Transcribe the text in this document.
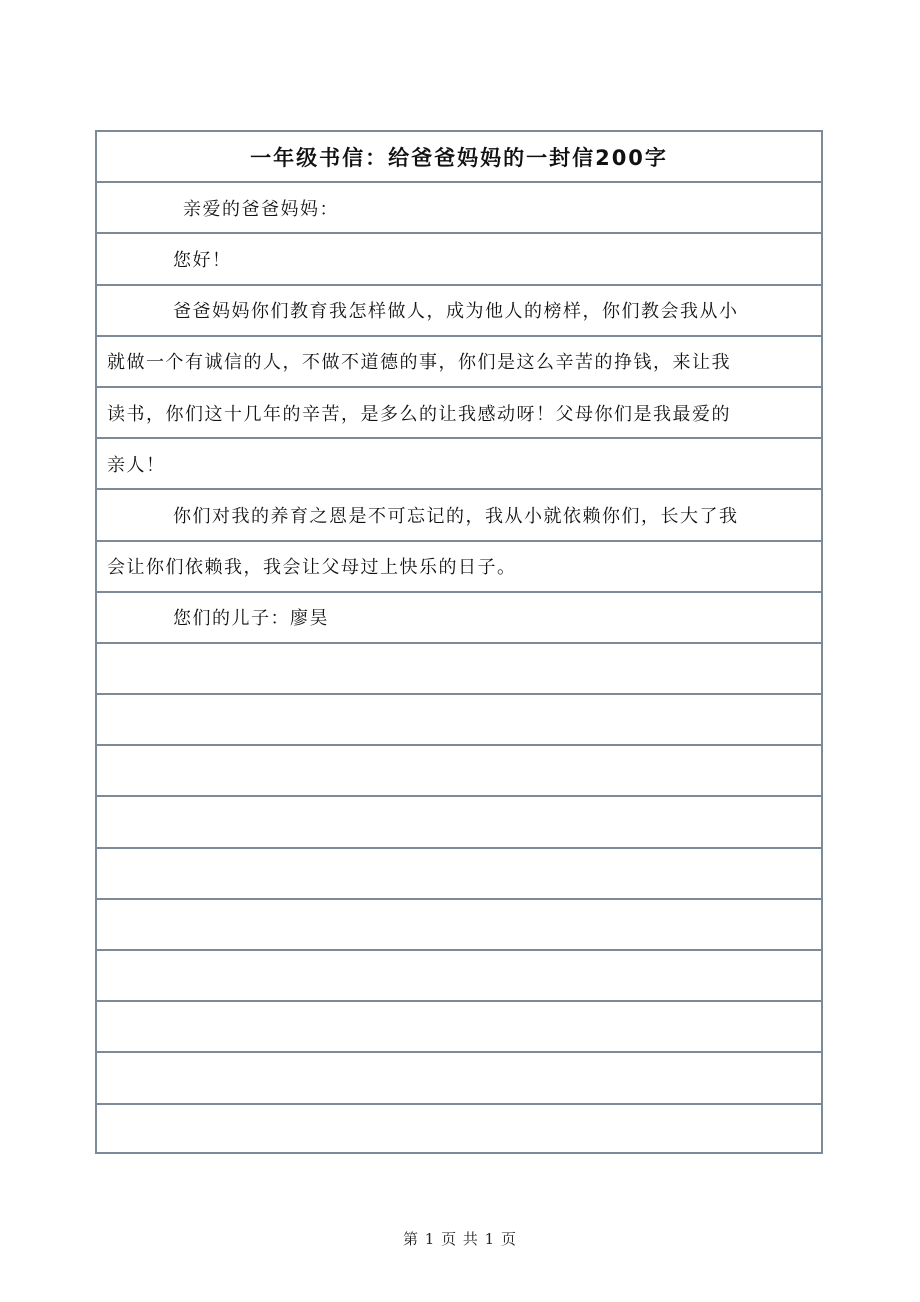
一年级书信：给爸爸妈妈的一封信200字
亲爱的爸爸妈妈：
您好！
爸爸妈妈你们教育我怎样做人，成为他人的榜样，你们教会我从小
就做一个有诚信的人，不做不道德的事，你们是这么辛苦的挣钱，来让我
读书，你们这十几年的辛苦，是多么的让我感动呀！父母你们是我最爱的
亲人！
你们对我的养育之恩是不可忘记的，我从小就依赖你们，长大了我
会让你们依赖我，我会让父母过上快乐的日子。
您们的儿子：廖昊
第 1 页 共 1 页
